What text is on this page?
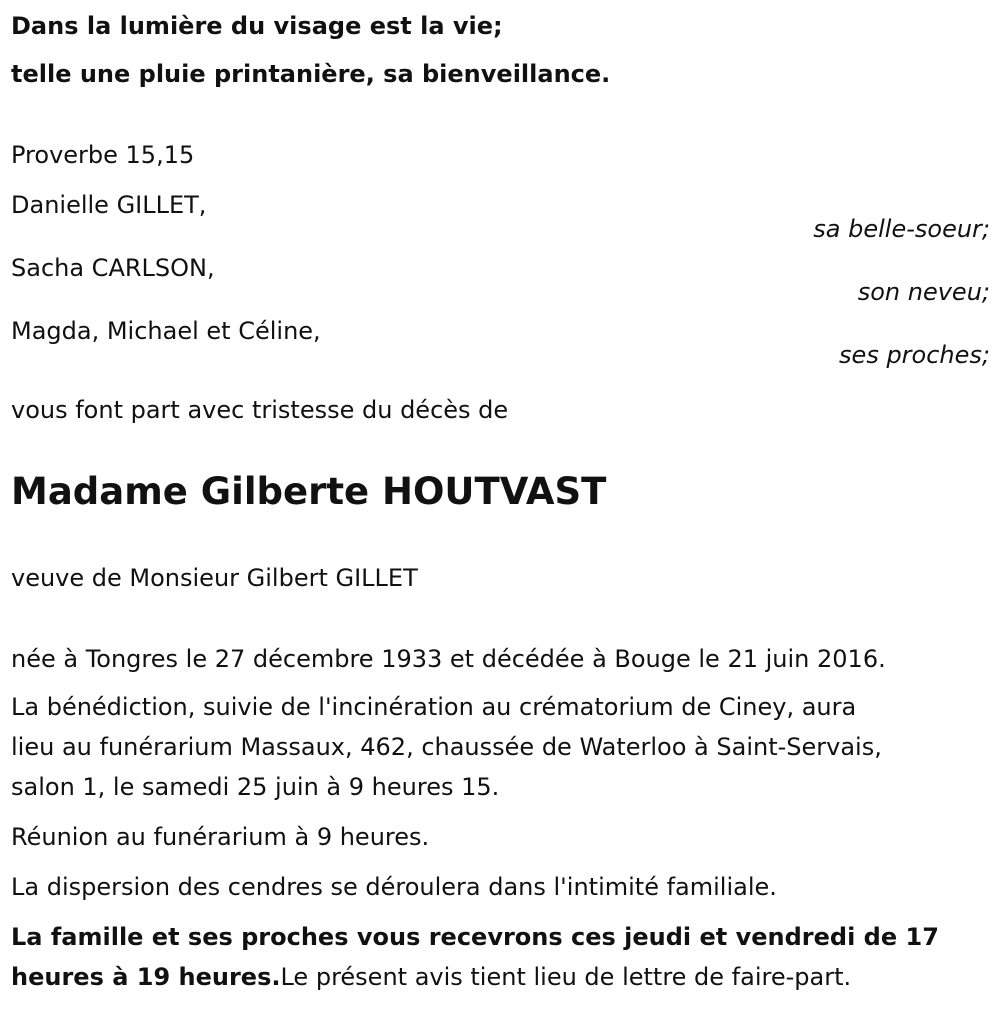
Dans la lumière du visage est la vie;
telle une pluie printanière, sa bienveillance.
Proverbe 15,15
Danielle GILLET,
sa belle-soeur;
Sacha CARLSON,
son neveu;
Magda, Michael et Céline,
ses proches;
vous font part avec tristesse du décès de
Madame Gilberte HOUTVAST
veuve de Monsieur Gilbert GILLET
née à Tongres le 27 décembre 1933 et décédée à Bouge le 21 juin 2016.
La bénédiction, suivie de l'incinération au crématorium de Ciney, aura
lieu au funérarium Massaux, 462, chaussée de Waterloo à Saint-Servais,
salon 1, le samedi 25 juin à 9 heures 15.
Réunion au funérarium à 9 heures.
La dispersion des cendres se déroulera dans l'intimité familiale.
La famille et ses proches vous recevrons ces jeudi et vendredi de 17
heures à 19 heures.Le présent avis tient lieu de lettre de faire-part.
